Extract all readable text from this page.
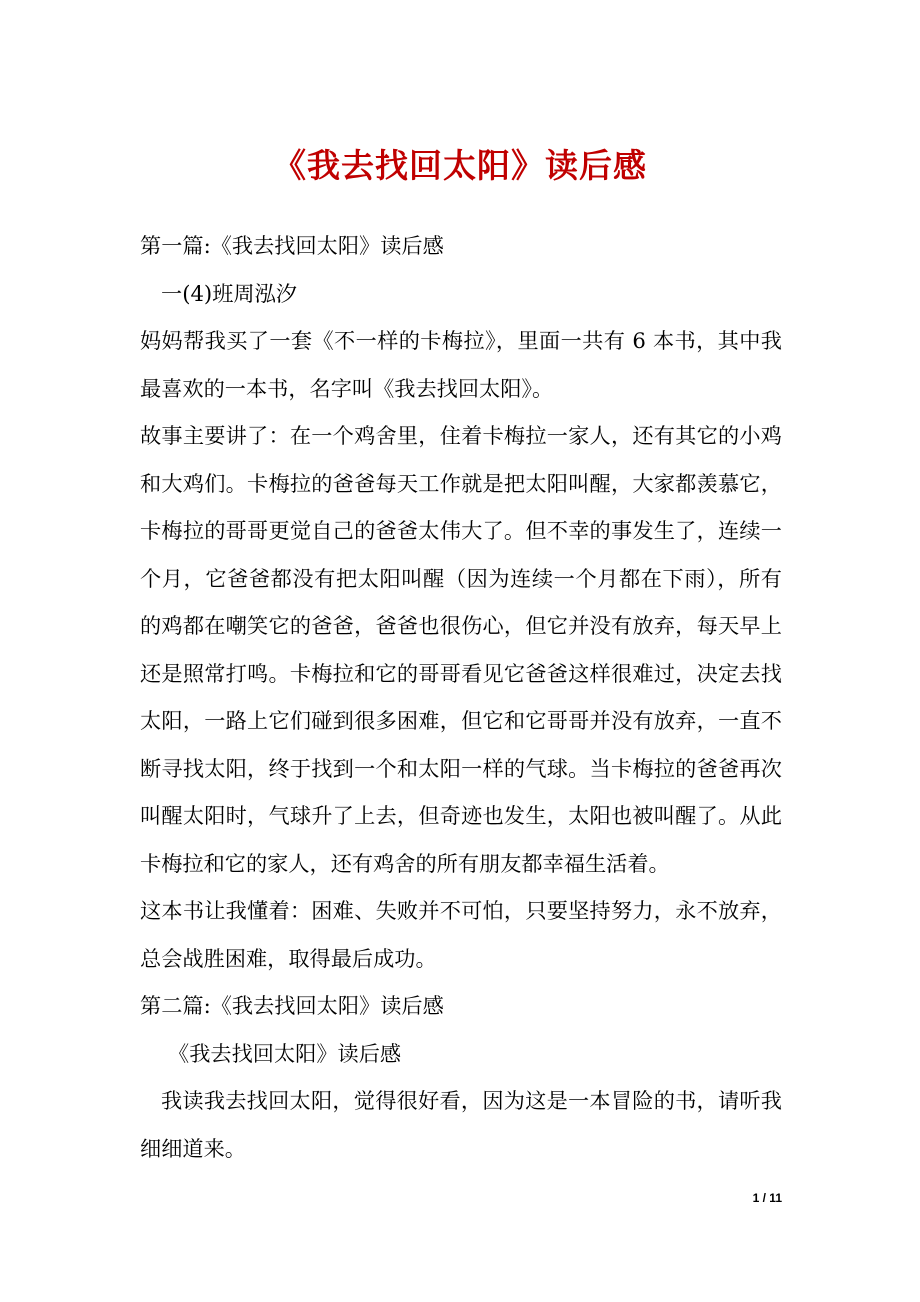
《我去找回太阳》读后感

第一篇:《我去找回太阳》读后感

一(4)班周泓汐

妈妈帮我买了一套《不一样的卡梅拉》，里面一共有 6 本书，其中我最喜欢的一本书，名字叫《我去找回太阳》。

故事主要讲了：在一个鸡舍里，住着卡梅拉一家人，还有其它的小鸡和大鸡们。卡梅拉的爸爸每天工作就是把太阳叫醒，大家都羡慕它，卡梅拉的哥哥更觉自己的爸爸太伟大了。但不幸的事发生了，连续一个月，它爸爸都没有把太阳叫醒（因为连续一个月都在下雨），所有的鸡都在嘲笑它的爸爸，爸爸也很伤心，但它并没有放弃，每天早上还是照常打鸣。卡梅拉和它的哥哥看见它爸爸这样很难过，决定去找太阳，一路上它们碰到很多困难，但它和它哥哥并没有放弃，一直不断寻找太阳，终于找到一个和太阳一样的气球。当卡梅拉的爸爸再次叫醒太阳时，气球升了上去，但奇迹也发生，太阳也被叫醒了。从此卡梅拉和它的家人，还有鸡舍的所有朋友都幸福生活着。

这本书让我懂着：困难、失败并不可怕，只要坚持努力，永不放弃，总会战胜困难，取得最后成功。

第二篇:《我去找回太阳》读后感

《我去找回太阳》读后感

我读我去找回太阳，觉得很好看，因为这是一本冒险的书，请听我细细道来。

1 / 11
